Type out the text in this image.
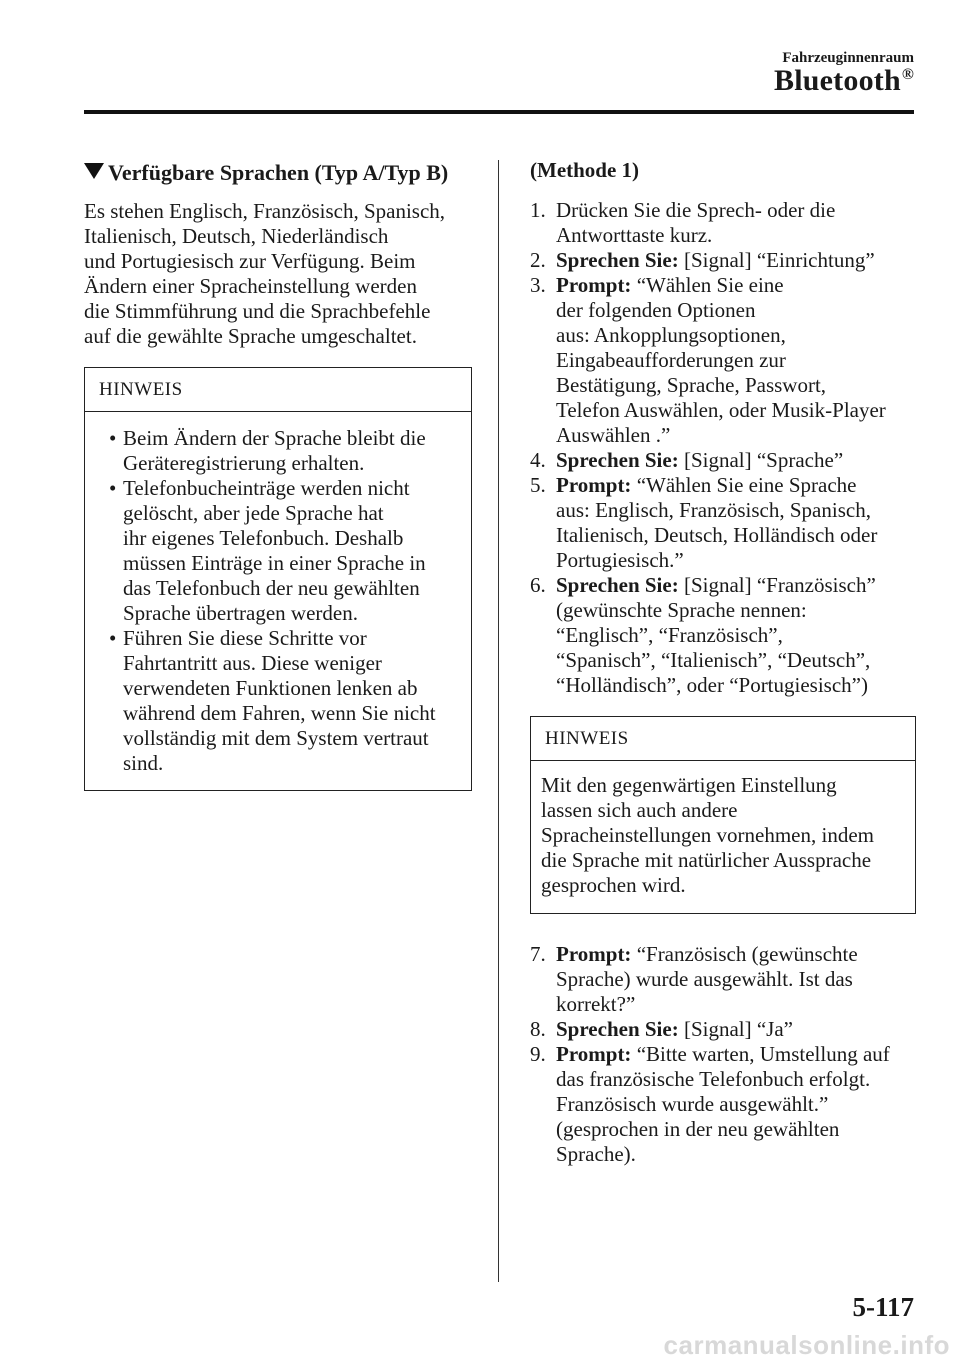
Fahrzeuginnenraum
Bluetooth®
Verfügbare Sprachen (Typ A/Typ B)
Es stehen Englisch, Französisch, Spanisch,
Italienisch, Deutsch, Niederländisch
und Portugiesisch zur Verfügung. Beim
Ändern einer Spracheinstellung werden
die Stimmführung und die Sprachbefehle
auf die gewählte Sprache umgeschaltet.
HINWEIS
• Beim Ändern der Sprache bleibt die
Geräteregistrierung erhalten.
• Telefonbucheinträge werden nicht
gelöscht, aber jede Sprache hat
ihr eigenes Telefonbuch. Deshalb
müssen Einträge in einer Sprache in
das Telefonbuch der neu gewählten
Sprache übertragen werden.
• Führen Sie diese Schritte vor
Fahrtantritt aus. Diese weniger
verwendeten Funktionen lenken ab
während dem Fahren, wenn Sie nicht
vollständig mit dem System vertraut
sind.
(Methode 1)
1. Drücken Sie die Sprech- oder die
Antworttaste kurz.
2. Sprechen Sie: [Signal] “Einrichtung”
3. Prompt: “Wählen Sie eine
der folgenden Optionen
aus: Ankopplungsoptionen,
Eingabeaufforderungen zur
Bestätigung, Sprache, Passwort,
Telefon Auswählen, oder Musik-Player
Auswählen .”
4. Sprechen Sie: [Signal] “Sprache”
5. Prompt: “Wählen Sie eine Sprache
aus: Englisch, Französisch, Spanisch,
Italienisch, Deutsch, Holländisch oder
Portugiesisch.”
6. Sprechen Sie: [Signal] “Französisch”
(gewünschte Sprache nennen:
“Englisch”, “Französisch”,
“Spanisch”, “Italienisch”, “Deutsch”,
“Holländisch”, oder “Portugiesisch”)
HINWEIS
Mit den gegenwärtigen Einstellung
lassen sich auch andere
Spracheinstellungen vornehmen, indem
die Sprache mit natürlicher Aussprache
gesprochen wird.
7. Prompt: “Französisch (gewünschte
Sprache) wurde ausgewählt. Ist das
korrekt?”
8. Sprechen Sie: [Signal] “Ja”
9. Prompt: “Bitte warten, Umstellung auf
das französische Telefonbuch erfolgt.
Französisch wurde ausgewählt.”
(gesprochen in der neu gewählten
Sprache).
5-117
carmanualsonline.info
